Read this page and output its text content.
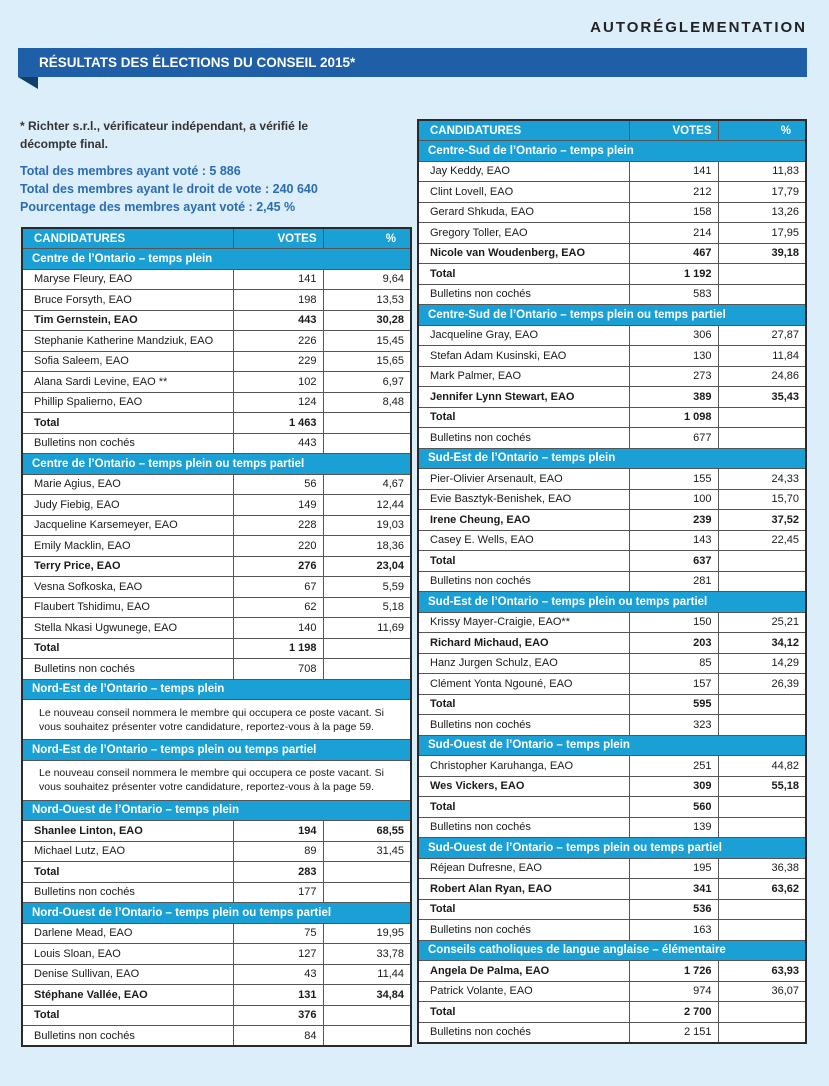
AUTORÉGLEMENTATION
RÉSULTATS DES ÉLECTIONS DU CONSEIL 2015*
* Richter s.r.l., vérificateur indépendant, a vérifié le décompte final.
Total des membres ayant voté : 5 886
Total des membres ayant le droit de vote : 240 640
Pourcentage des membres ayant voté : 2,45 %
CANDIDATURES	VOTES	%
Centre de l’Ontario – temps plein		
Maryse Fleury, EAO	141	9,64
Bruce Forsyth, EAO	198	13,53
Tim Gernstein, EAO	443	30,28
Stephanie Katherine Mandziuk, EAO	226	15,45
Sofia Saleem, EAO	229	15,65
Alana Sardi Levine, EAO **	102	6,97
Phillip Spalierno, EAO	124	8,48
Total	1 463	
Bulletins non cochés	443	
Centre de l’Ontario – temps plein ou temps partiel		
Marie Agius, EAO	56	4,67
Judy Fiebig, EAO	149	12,44
Jacqueline Karsemeyer, EAO	228	19,03
Emily Macklin, EAO	220	18,36
Terry Price, EAO	276	23,04
Vesna Sofkoska, EAO	67	5,59
Flaubert Tshidimu, EAO	62	5,18
Stella Nkasi Ugwunege, EAO	140	11,69
Total	1 198	
Bulletins non cochés	708	
Nord-Est de l’Ontario – temps plein		
Le nouveau conseil nommera le membre qui occupera ce poste vacant. Si vous souhaitez présenter votre candidature, reportez-vous à la page 59.		
Nord-Est de l’Ontario – temps plein ou temps partiel		
Le nouveau conseil nommera le membre qui occupera ce poste vacant. Si vous souhaitez présenter votre candidature, reportez-vous à la page 59.		
Nord-Ouest de l’Ontario – temps plein		
Shanlee Linton, EAO	194	68,55
Michael Lutz, EAO	89	31,45
Total	283	
Bulletins non cochés	177	
Nord-Ouest de l’Ontario – temps plein ou temps partiel		
Darlene Mead, EAO	75	19,95
Louis Sloan, EAO	127	33,78
Denise Sullivan, EAO	43	11,44
Stéphane Vallée, EAO	131	34,84
Total	376	
Bulletins non cochés	84	
CANDIDATURES	VOTES	%
Centre-Sud de l’Ontario – temps plein		
Jay Keddy, EAO	141	11,83
Clint Lovell, EAO	212	17,79
Gerard Shkuda, EAO	158	13,26
Gregory Toller, EAO	214	17,95
Nicole van Woudenberg, EAO	467	39,18
Total	1 192	
Bulletins non cochés	583	
Centre-Sud de l’Ontario – temps plein ou temps partiel		
Jacqueline Gray, EAO	306	27,87
Stefan Adam Kusinski, EAO	130	11,84
Mark Palmer, EAO	273	24,86
Jennifer Lynn Stewart, EAO	389	35,43
Total	1 098	
Bulletins non cochés	677	
Sud-Est de l’Ontario – temps plein		
Pier-Olivier Arsenault, EAO	155	24,33
Evie Basztyk-Benishek, EAO	100	15,70
Irene Cheung, EAO	239	37,52
Casey E. Wells, EAO	143	22,45
Total	637	
Bulletins non cochés	281	
Sud-Est de l’Ontario – temps plein ou temps partiel		
Krissy Mayer-Craigie, EAO**	150	25,21
Richard Michaud, EAO	203	34,12
Hanz Jurgen Schulz, EAO	85	14,29
Clément Yonta Ngouné, EAO	157	26,39
Total	595	
Bulletins non cochés	323	
Sud-Ouest de l’Ontario – temps plein		
Christopher Karuhanga, EAO	251	44,82
Wes Vickers, EAO	309	55,18
Total	560	
Bulletins non cochés	139	
Sud-Ouest de l’Ontario – temps plein ou temps partiel		
Réjean Dufresne, EAO	195	36,38
Robert Alan Ryan, EAO	341	63,62
Total	536	
Bulletins non cochés	163	
Conseils catholiques de langue anglaise – élémentaire		
Angela De Palma, EAO	1 726	63,93
Patrick Volante, EAO	974	36,07
Total	2 700	
Bulletins non cochés	2 151	
